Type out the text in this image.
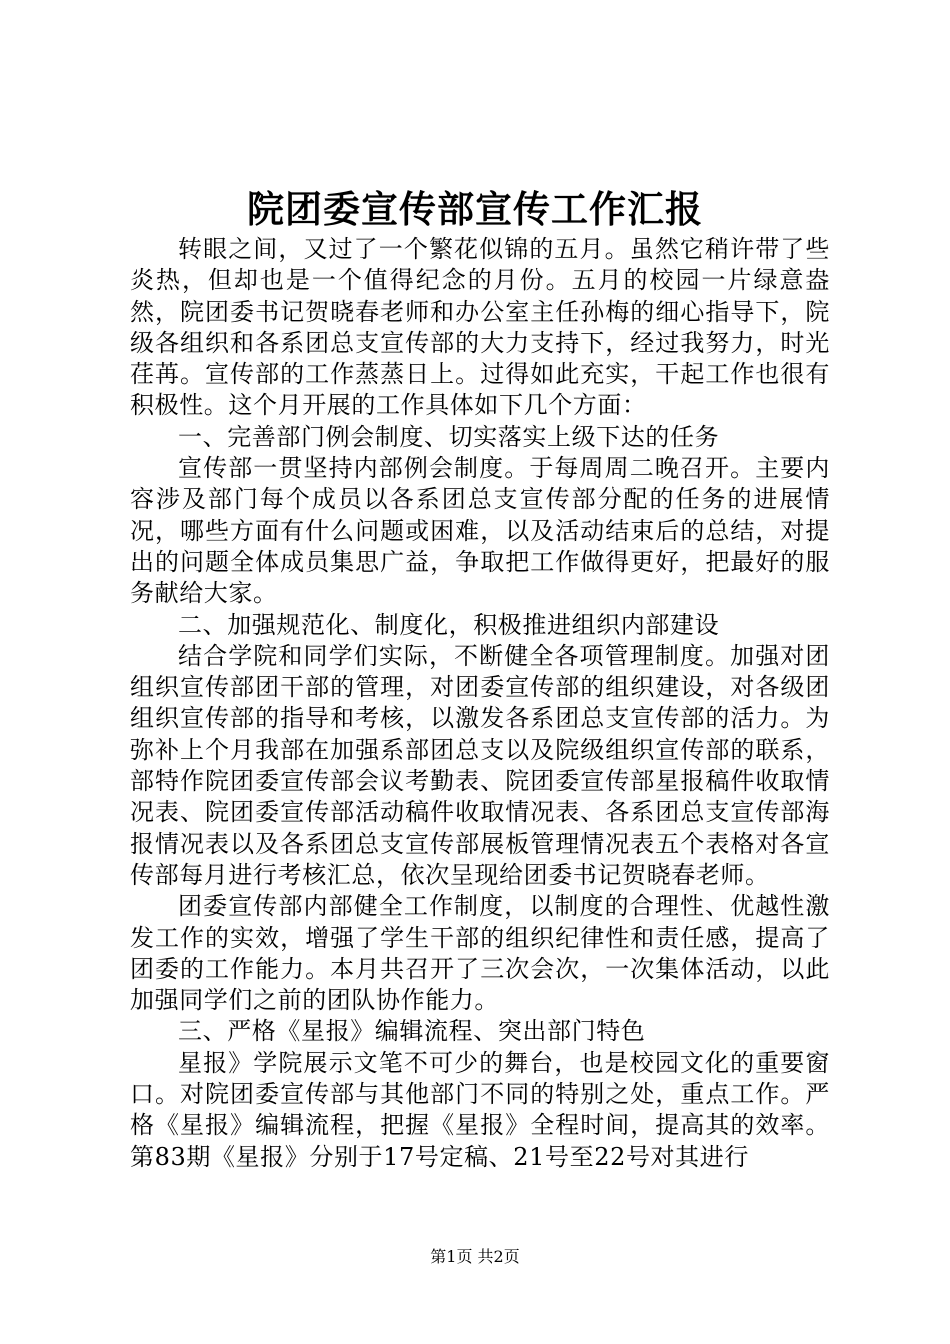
院团委宣传部宣传工作汇报

转眼之间，又过了一个繁花似锦的五月。虽然它稍许带了些炎热，但却也是一个值得纪念的月份。五月的校园一片绿意盎然，院团委书记贺晓春老师和办公室主任孙梅的细心指导下，院级各组织和各系团总支宣传部的大力支持下，经过我努力，时光荏苒。宣传部的工作蒸蒸日上。过得如此充实，干起工作也很有积极性。这个月开展的工作具体如下几个方面：

一、完善部门例会制度、切实落实上级下达的任务

宣传部一贯坚持内部例会制度。于每周周二晚召开。主要内容涉及部门每个成员以各系团总支宣传部分配的任务的进展情况，哪些方面有什么问题或困难，以及活动结束后的总结，对提出的问题全体成员集思广益，争取把工作做得更好，把最好的服务献给大家。

二、加强规范化、制度化，积极推进组织内部建设

结合学院和同学们实际，不断健全各项管理制度。加强对团组织宣传部团干部的管理，对团委宣传部的组织建设，对各级团组织宣传部的指导和考核，以激发各系团总支宣传部的活力。为弥补上个月我部在加强系部团总支以及院级组织宣传部的联系，部特作院团委宣传部会议考勤表、院团委宣传部星报稿件收取情况表、院团委宣传部活动稿件收取情况表、各系团总支宣传部海报情况表以及各系团总支宣传部展板管理情况表五个表格对各宣传部每月进行考核汇总，依次呈现给团委书记贺晓春老师。

团委宣传部内部健全工作制度，以制度的合理性、优越性激发工作的实效，增强了学生干部的组织纪律性和责任感，提高了团委的工作能力。本月共召开了三次会次，一次集体活动，以此加强同学们之前的团队协作能力。

三、严格《星报》编辑流程、突出部门特色

星报》学院展示文笔不可少的舞台，也是校园文化的重要窗口。对院团委宣传部与其他部门不同的特别之处，重点工作。严格《星报》编辑流程，把握《星报》全程时间，提高其的效率。第83期《星报》分别于17号定稿、21号至22号对其进行

第1页 共2页
